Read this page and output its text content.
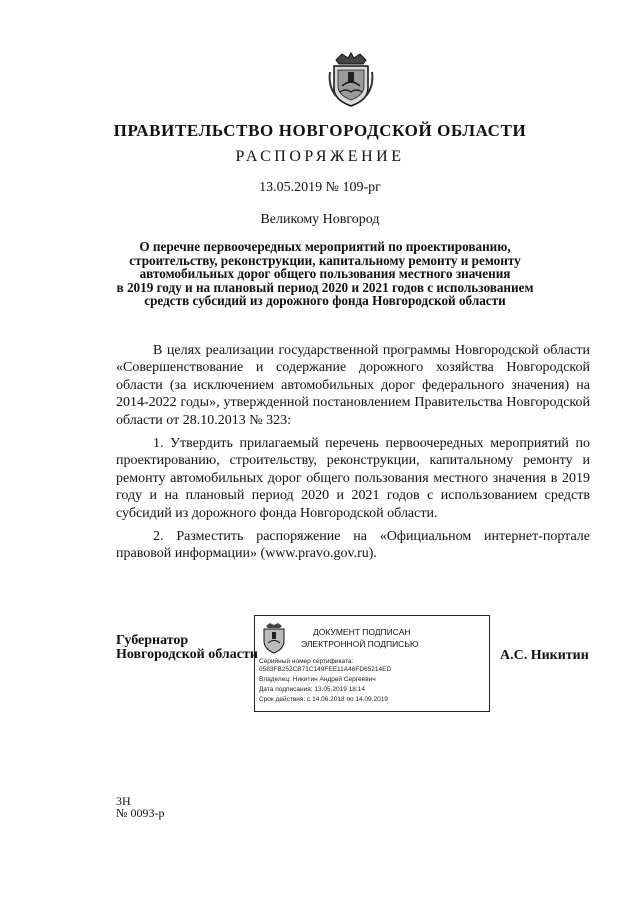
ПРАВИТЕЛЬСТВО НОВГОРОДСКОЙ ОБЛАСТИ
РАСПОРЯЖЕНИЕ
13.05.2019 № 109-рг
Великому Новгород
О перечне первоочередных мероприятий по проектированию,
строительству, реконструкции, капитальному ремонту и ремонту
автомобильных дорог общего пользования местного значения
в 2019 году и на плановый период 2020 и 2021 годов с использованием
средств субсидий из дорожного фонда Новгородской области

В целях реализации государственной программы Новгородской области «Совершенствование и содержание дорожного хозяйства Новгородской области (за исключением автомобильных дорог федерального значения) на 2014-2022 годы», утвержденной постановлением Правительства Новгородской области от 28.10.2013 № 323:

1. Утвердить прилагаемый перечень первоочередных мероприятий по проектированию, строительству, реконструкции, капитальному ремонту и ремонту автомобильных дорог общего пользования местного значения в 2019 году и на плановый период 2020 и 2021 годов с использованием средств субсидий из дорожного фонда Новгородской области.

2. Разместить распоряжение на «Официальном интернет-портале правовой информации» (www.pravo.gov.ru).

Губернатор
Новгородской области
ДОКУМЕНТ ПОДПИСАН
ЭЛЕКТРОННОЙ ПОДПИСЬЮ
Серийный номер сертификата:
0583FB252CB71C149FEE11A46FD65214ED
Владелец: Никитин Андрей Сергеевич
Дата подписания: 13.05.2019 18:14
Срок действия: с 14.06.2018 по 14.09.2019
А.С. Никитин
3Н
№ 0093-р
